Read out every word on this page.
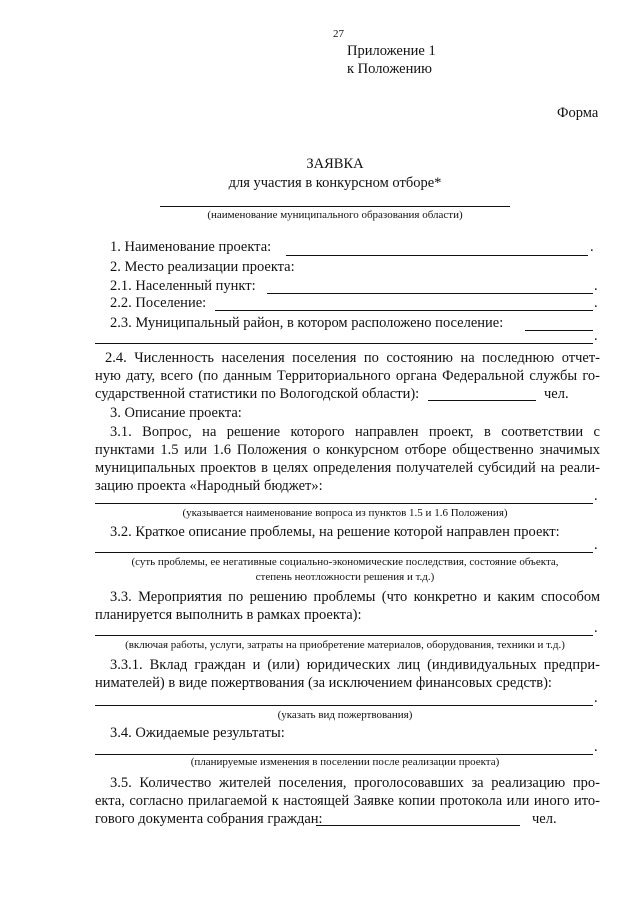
27
Приложение 1
к Положению
Форма
ЗАЯВКА
для участия в конкурсном отборе*
(наименование муниципального образования области)
1. Наименование проекта:	.
2. Место реализации проекта:
2.1. Населенный пункт:	.
2.2. Поселение:	.
2.3. Муниципальный район, в котором расположено поселение:
.
2.4. Численность населения поселения по состоянию на последнюю отчет-
ную дату, всего (по данным Территориального органа Федеральной службы го-
сударственной статистики по Вологодской области):	чел.
3. Описание проекта:
3.1. Вопрос, на решение которого направлен проект, в соответствии с
пунктами 1.5 или 1.6 Положения о конкурсном отборе общественно значимых
муниципальных проектов в целях определения получателей субсидий на реали-
зацию проекта «Народный бюджет»:
.
(указывается наименование вопроса из пунктов 1.5 и 1.6 Положения)
3.2. Краткое описание проблемы, на решение которой направлен проект:
.
(суть проблемы, ее негативные социально-экономические последствия, состояние объекта,
степень неотложности решения и т.д.)
3.3. Мероприятия по решению проблемы (что конкретно и каким способом
планируется выполнить в рамках проекта):
.
(включая работы, услуги, затраты на приобретение материалов, оборудования, техники и т.д.)
3.3.1. Вклад граждан и (или) юридических лиц (индивидуальных предпри-
нимателей) в виде пожертвования (за исключением финансовых средств):
.
(указать вид пожертвования)
3.4. Ожидаемые результаты:
.
(планируемые изменения в поселении после реализации проекта)
3.5. Количество жителей поселения, проголосовавших за реализацию про-
екта, согласно прилагаемой к настоящей Заявке копии протокола или иного ито-
гового документа собрания граждан:	чел.
